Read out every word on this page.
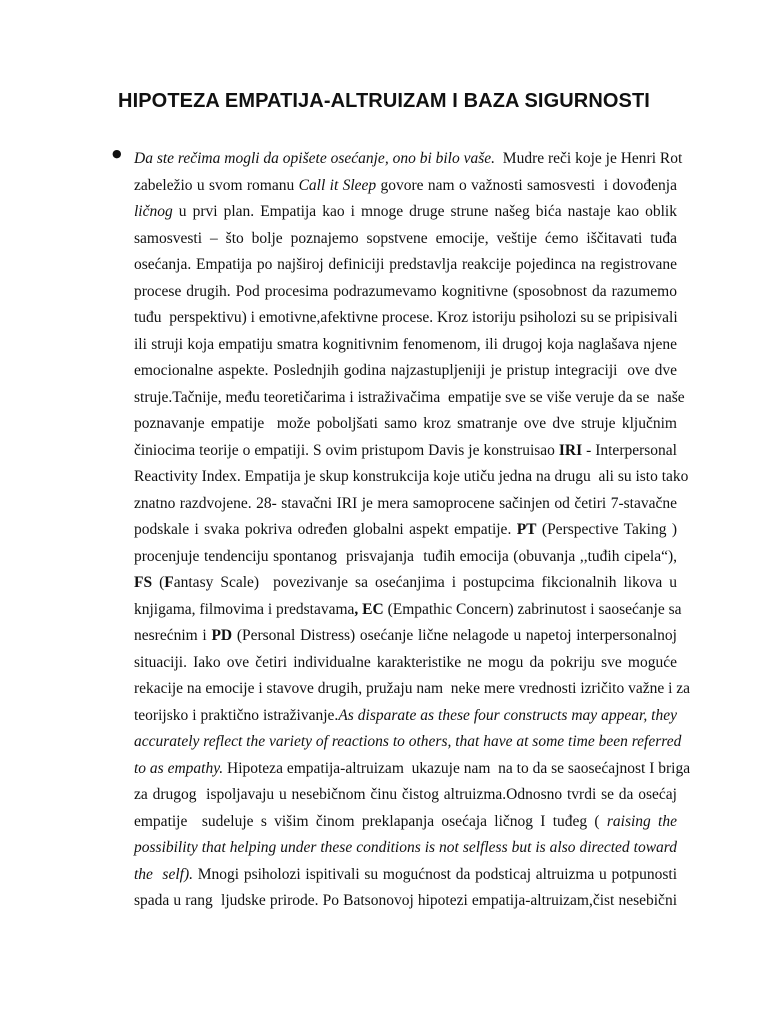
HIPOTEZA EMPATIJA-ALTRUIZAM I BAZA SIGURNOSTI
● Da ste rečima mogli da opišete osećanje, ono bi bilo vaše.  Mudre reči koje je Henri Rot
zabeležio u svom romanu Call it Sleep govore nam o važnosti samosvesti  i dovođenja
ličnog u prvi plan. Empatija kao i mnoge druge strune našeg bića nastaje kao oblik
samosvesti – što bolje poznajemo sopstvene emocije, veštije ćemo iščitavati tuđa
osećanja. Empatija po najširoj definiciji predstavlja reakcije pojedinca na registrovane
procese drugih. Pod procesima podrazumevamo kognitivne (sposobnost da razumemo
tuđu  perspektivu) i emotivne,afektivne procese. Kroz istoriju psiholozi su se pripisivali
ili struji koja empatiju smatra kognitivnim fenomenom, ili drugoj koja naglašava njene
emocionalne aspekte. Poslednjih godina najzastupljeniji je pristup integraciji  ove dve
struje.Tačnije, među teoretičarima i istraživačima  empatije sve se više veruje da se  naše
poznavanje empatije  može poboljšati samo kroz smatranje ove dve struje ključnim
činiocima teorije o empatiji. S ovim pristupom Davis je konstruisao IRI - Interpersonal
Reactivity Index. Empatija je skup konstrukcija koje utiču jedna na drugu  ali su isto tako
znatno razdvojene. 28- stavačni IRI je mera samoprocene sačinjen od četiri 7-stavačne
podskale i svaka pokriva određen globalni aspekt empatije. PT (Perspective Taking )
procenjuje tendenciju spontanog  prisvajanja  tuđih emocija (obuvanja ,,tuđih cipela“),
FS (Fantasy Scale)  povezivanje sa osećanjima i postupcima fikcionalnih likova u
knjigama, filmovima i predstavama, EC (Empathic Concern) zabrinutost i saosećanje sa
nesrećnim i PD (Personal Distress) osećanje lične nelagode u napetoj interpersonalnoj
situaciji. Iako ove četiri individualne karakteristike ne mogu da pokriju sve moguće
rekacije na emocije i stavove drugih, pružaju nam  neke mere vrednosti izričito važne i za
teorijsko i praktično istraživanje.As disparate as these four constructs may appear, they
accurately reflect the variety of reactions to others, that have at some time been referred
to as empathy. Hipoteza empatija-altruizam  ukazuje nam  na to da se saosećajnost I briga
za drugog  ispoljavaju u nesebičnom činu čistog altruizma.Odnosno tvrdi se da osećaj
empatije  sudeluje s višim činom preklapanja osećaja ličnog I tuđeg ( raising the
possibility that helping under these conditions is not selfless but is also directed toward
the  self). Mnogi psiholozi ispitivali su mogućnost da podsticaj altruizma u potpunosti
spada u rang  ljudske prirode. Po Batsonovoj hipotezi empatija-altruizam,čist nesebični
